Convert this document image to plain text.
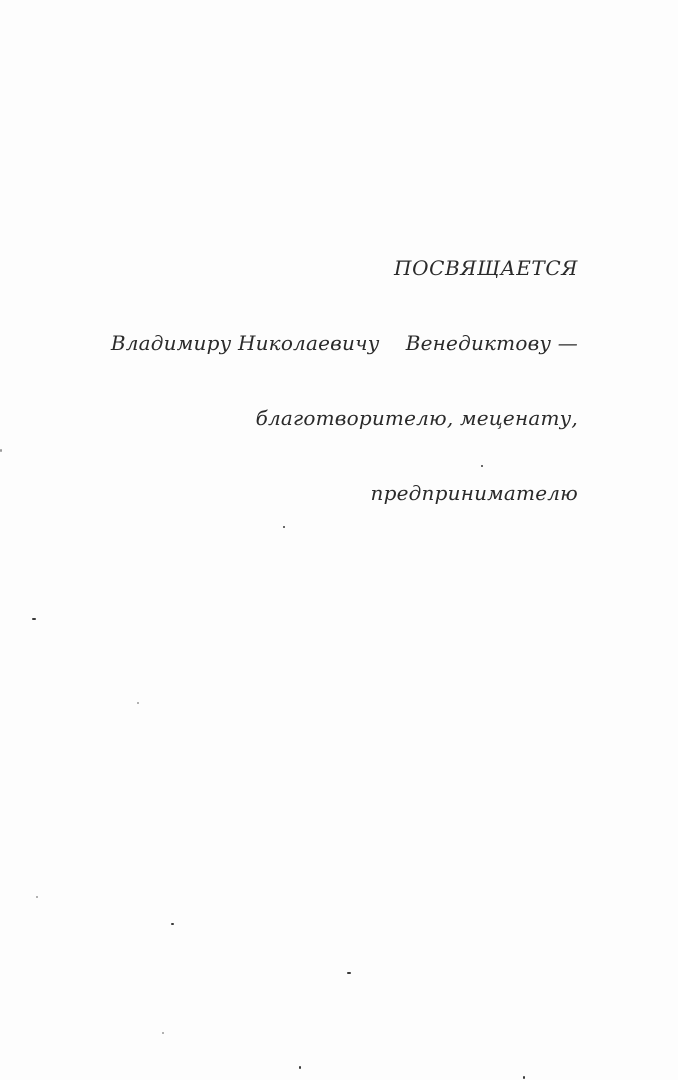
ПОСВЯЩАЕТСЯ

Владимиру Николаевичу    Венедиктову —

благотворителю, меценату,

предпринимателю
